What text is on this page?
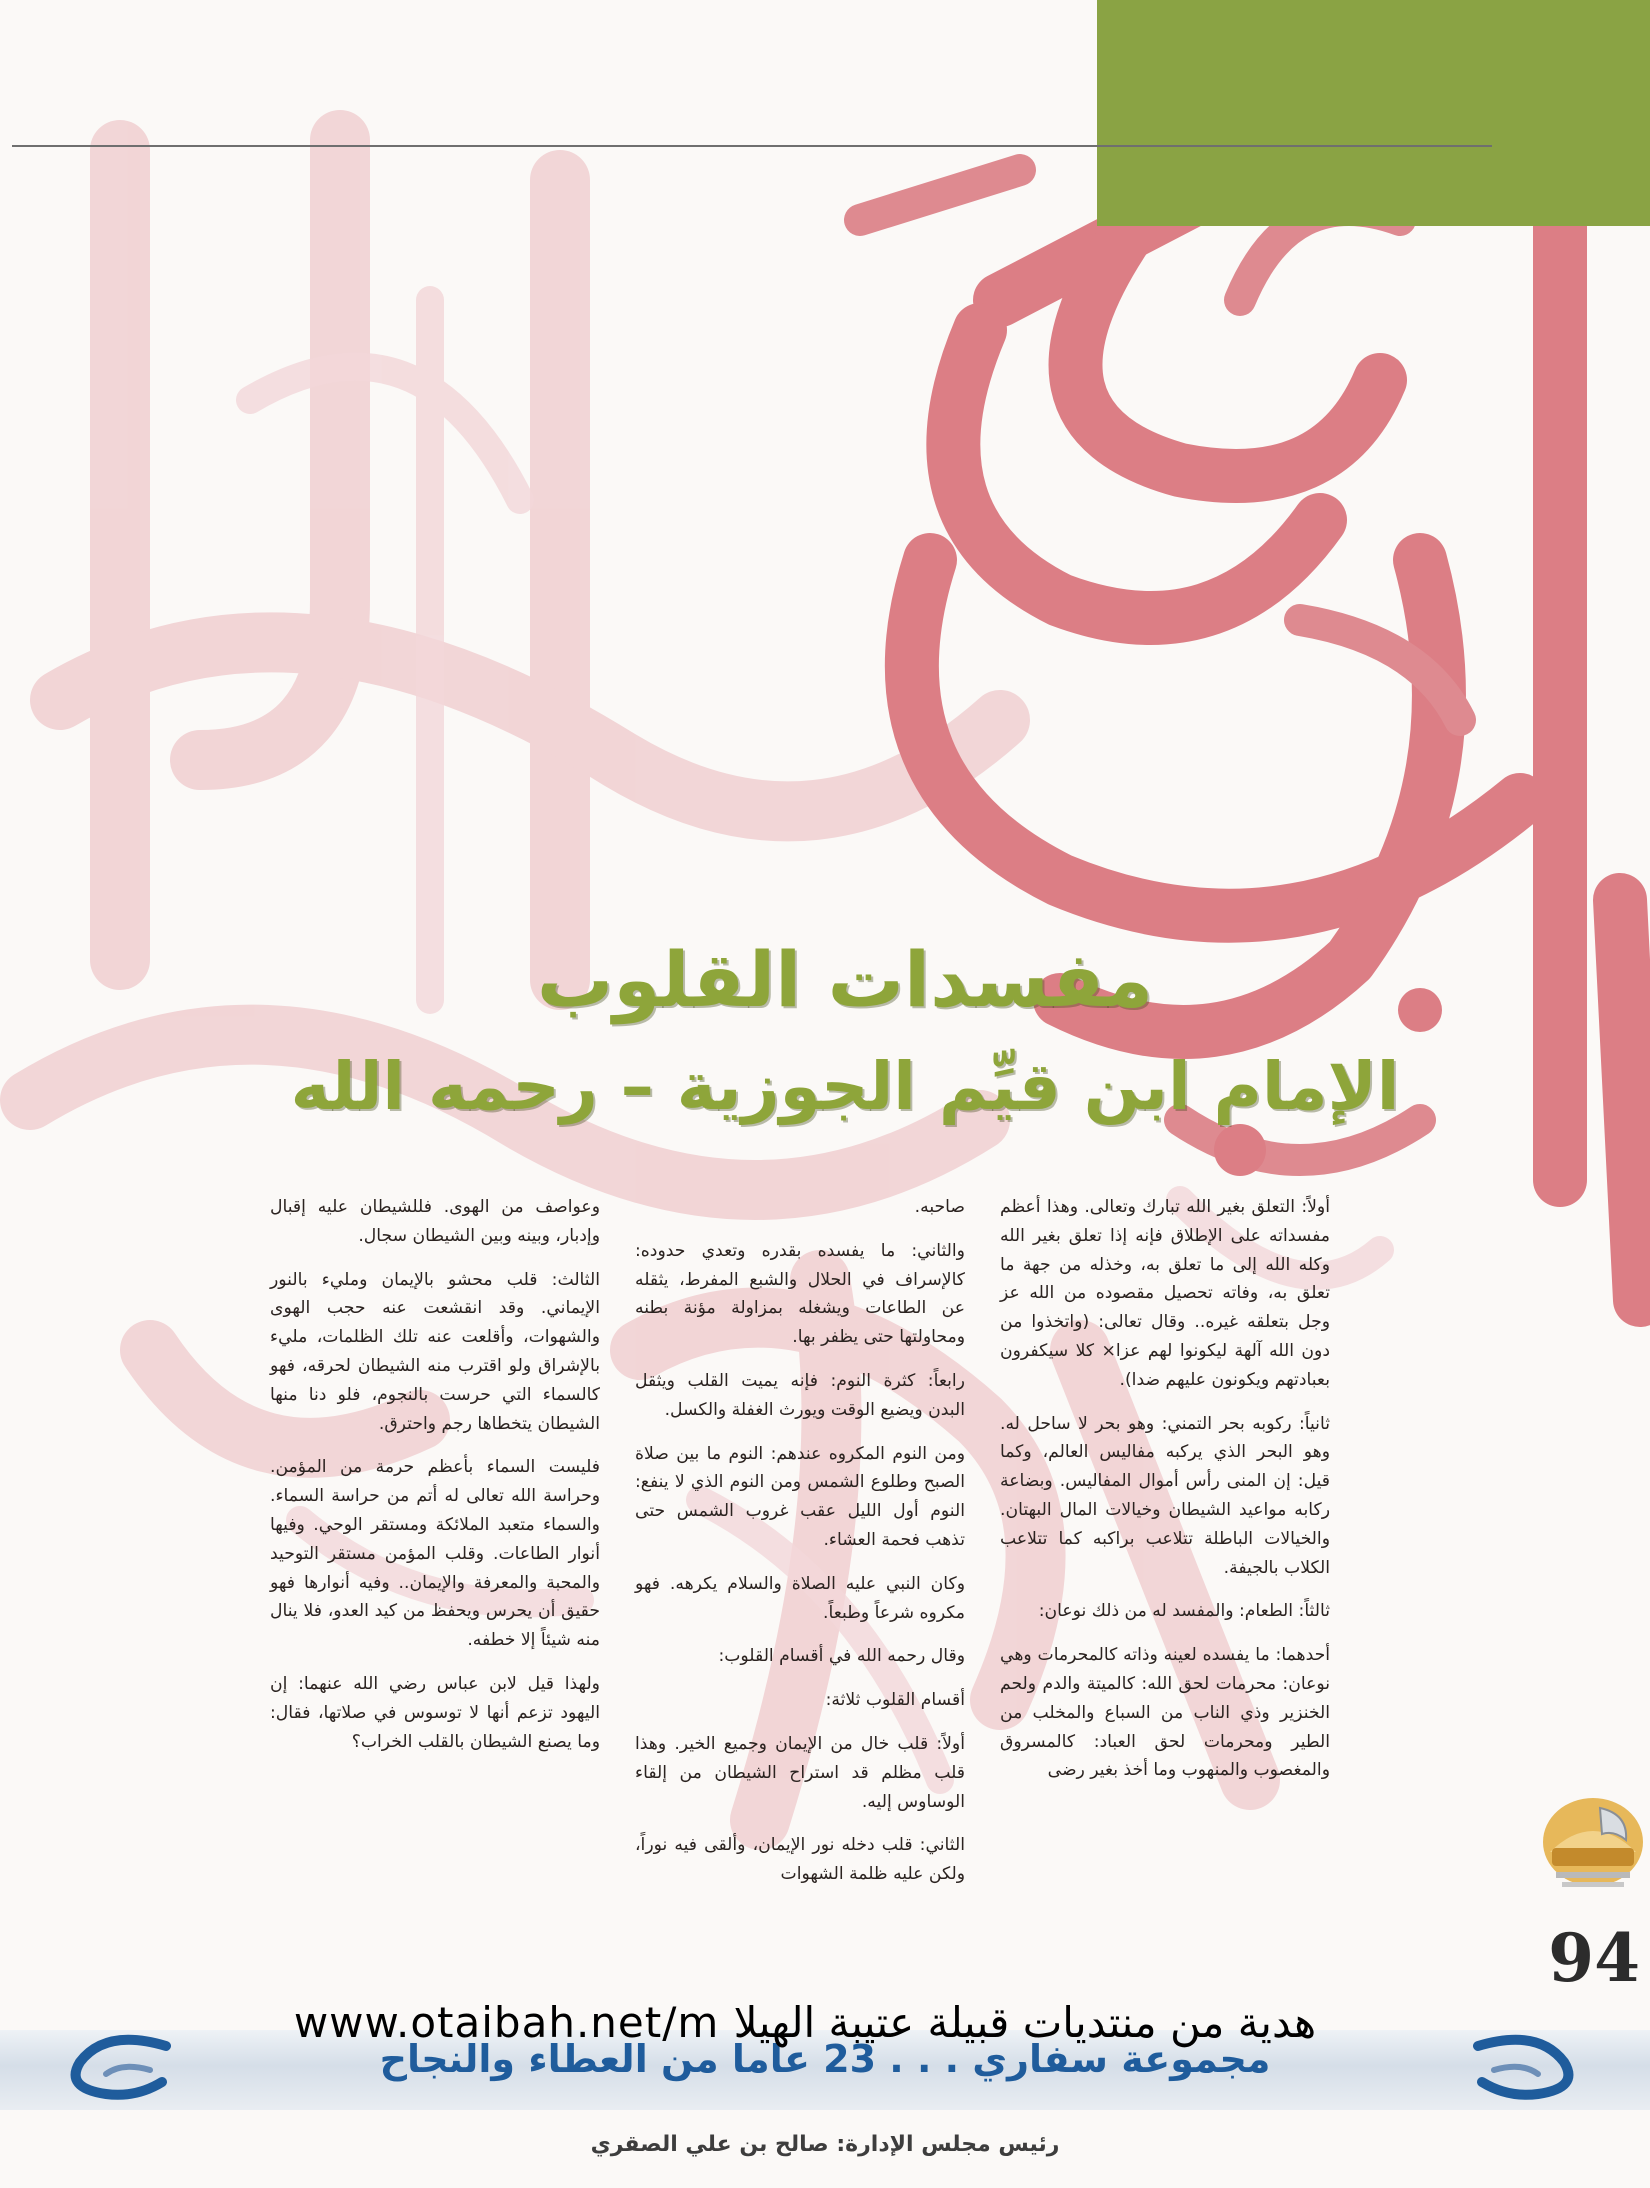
مفسدات القلوب
الإمام ابن قيِّم الجوزية – رحمه الله

أولاً: التعلق بغير الله تبارك وتعالى. وهذا أعظم مفسداته على الإطلاق فإنه إذا تعلق بغير الله وكله الله إلى ما تعلق به، وخذله من جهة ما تعلق به، وفاته تحصيل مقصوده من الله عز وجل بتعلقه غيره.. وقال تعالى: (واتخذوا من دون الله آلهة ليكونوا لهم عزا× كلا سيكفرون بعبادتهم ويكونون عليهم ضدا).

ثانياً: ركوبه بحر التمني: وهو بحر لا ساحل له. وهو البحر الذي يركبه مفاليس العالم، وكما قيل: إن المنى رأس أموال المفاليس. وبضاعة ركابه مواعيد الشيطان وخيالات المال البهتان. والخيالات الباطلة تتلاعب براكبه كما تتلاعب الكلاب بالجيفة.

ثالثاً: الطعام: والمفسد له من ذلك نوعان:

أحدهما: ما يفسده لعينه وذاته كالمحرمات وهي نوعان: محرمات لحق الله: كالميتة والدم ولحم الخنزير وذي الناب من السباع والمخلب من الطير ومحرمات لحق العباد: كالمسروق والمغصوب والمنهوب وما أخذ بغير رضى

صاحبه.

والثاني: ما يفسده بقدره وتعدي حدوده: كالإسراف في الحلال والشبع المفرط، يثقله عن الطاعات ويشغله بمزاولة مؤنة بطنه ومحاولتها حتى يظفر بها.

رابعاً: كثرة النوم: فإنه يميت القلب ويثقل البدن ويضيع الوقت ويورث الغفلة والكسل.

ومن النوم المكروه عندهم: النوم ما بين صلاة الصبح وطلوع الشمس ومن النوم الذي لا ينفع: النوم أول الليل عقب غروب الشمس حتى تذهب فحمة العشاء.

وكان النبي عليه الصلاة والسلام يكرهه. فهو مكروه شرعاً وطبعاً.

وقال رحمه الله في أقسام القلوب:

أقسام القلوب ثلاثة:

أولاً: قلب خال من الإيمان وجميع الخير. وهذا قلب مظلم قد استراح الشيطان من إلقاء الوساوس إليه.

الثاني: قلب دخله نور الإيمان، وألقى فيه نوراً، ولكن عليه ظلمة الشهوات

وعواصف من الهوى. فللشيطان عليه إقبال وإدبار، وبينه وبين الشيطان سجال.

الثالث: قلب محشو بالإيمان ومليء بالنور الإيماني. وقد انقشعت عنه حجب الهوى والشهوات، وأقلعت عنه تلك الظلمات، مليء بالإشراق ولو اقترب منه الشيطان لحرقه، فهو كالسماء التي حرست بالنجوم، فلو دنا منها الشيطان يتخطاها رجم واحترق.

فليست السماء بأعظم حرمة من المؤمن. وحراسة الله تعالى له أتم من حراسة السماء. والسماء متعبد الملائكة ومستقر الوحي. وفيها أنوار الطاعات. وقلب المؤمن مستقر التوحيد والمحبة والمعرفة والإيمان.. وفيه أنوارها فهو حقيق أن يحرس ويحفظ من كيد العدو، فلا ينال منه شيئاً إلا خطفه.

ولهذا قيل لابن عباس رضي الله عنهما: إن اليهود تزعم أنها لا توسوس في صلاتها، فقال: وما يصنع الشيطان بالقلب الخراب؟

94
مجموعة سفاري . . . 23 عاما من العطاء والنجاح
رئيس مجلس الإدارة: صالح بن علي الصقري
www.otaibah.net/m هدية من منتديات قبيلة عتيبة الهيلا
